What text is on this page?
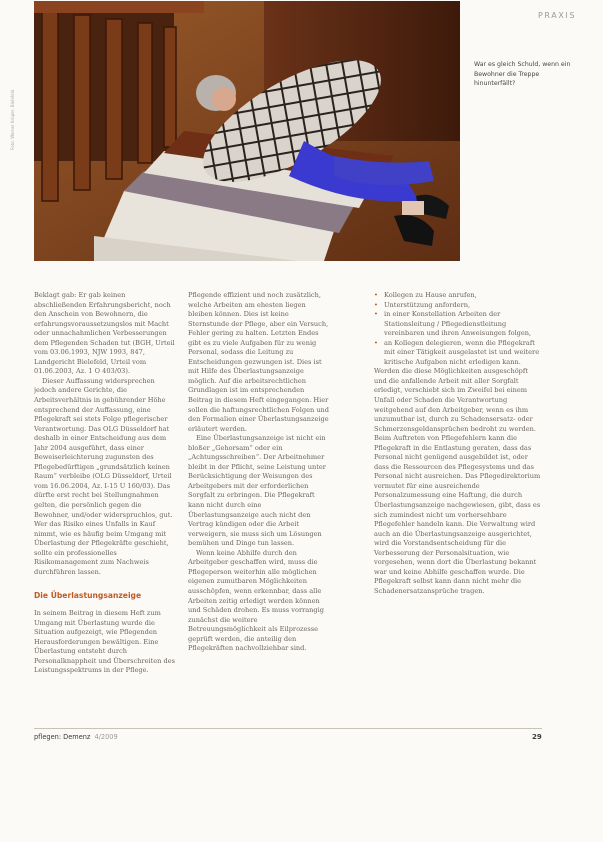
PRAXIS
Foto: Werner Krüper, Bielefeld
War es gleich Schuld, wenn ein Bewohner die Treppe hinunterfällt?

Beklagt gab: Er gab keinen abschließenden Erfahrungsbericht, noch den Anschein von Bewohnern, die erfahrungsvoraussetzungslos mit Macht oder unnachahmlichen Verbesserungen dem Pflegenden Schaden tut (BGH, Urteil vom 03.06.1993, NJW 1993, 847, Landgericht Bielefeld, Urteil vom 01.06.2003, Az. 1 O 403/03).

Dieser Auffassung widersprechen jedoch andere Gerichte, die Arbeitsverhältnis in gebührender Höhe entsprechend der Auffassung, eine Pflegekraft sei stets Folge pflegerischer Verantwortung. Das OLG Düsseldorf hat deshalb in einer Entscheidung aus dem Jahr 2004 ausgeführt, dass einer Beweiserleichterung zugunsten des Pflegebedürftigen „grundsätzlich keinen Raum“ verbleibe (OLG Düsseldorf, Urteil vom 16.06.2004, Az. I-15 U 160/03). Das dürfte erst recht bei Stellungnahmen gelten, die persönlich gegen die Bewohner, und/oder widerspruchlos, gut. Wer das Risiko eines Unfalls in Kauf nimmt, wie es häufig beim Umgang mit Überlastung der Pflegekräfte geschieht, sollte ein professionelles Risikomanagement zum Nachweis durchführen lassen.

Die Überlastungsanzeige

In seinem Beitrag in diesem Heft zum Umgang mit Überlastung wurde die Situation aufgezeigt, wie Pflegenden Herausforderungen bewältigen. Eine Überlastung entsteht durch Personalknappheit und Überschreiten des Leistungsspektrums in der Pflege.

Pflegende effizient und noch zusätzlich, welche Arbeiten am ehesten liegen bleiben können. Dies ist keine Sternstunde der Pflege, aber ein Versuch, Fehler gering zu halten. Letzten Endes gibt es zu viele Aufgaben für zu wenig Personal, sodass die Leitung zu Entscheidungen gezwungen ist. Dies ist mit Hilfe des Überlastungsanzeige möglich. Auf die arbeitsrechtlichen Grundlagen ist im entsprechenden Beitrag in diesem Heft eingegangen. Hier sollen die haftungsrechtlichen Folgen und den Formalien einer Überlastungsanzeige erläutert werden.

Eine Überlastungsanzeige ist nicht ein bloßer „Gehorsam“ oder ein „Achtungsschreiben“. Der Arbeitnehmer bleibt in der Pflicht, seine Leistung unter Berücksichtigung der Weisungen des Arbeitgebers mit der erforderlichen Sorgfalt zu erbringen. Die Pflegekraft kann nicht durch eine Überlastungsanzeige auch nicht den Vertrag kündigen oder die Arbeit verweigern, sie muss sich um Lösungen bemühen und Dinge tun lassen.

Wenn keine Abhilfe durch den Arbeitgeber geschaffen wird, muss die Pflegeperson weiterhin alle möglichen eigenen zumutbaren Möglichkeiten ausschöpfen, wenn erkennbar, dass alle Arbeiten zeitig erledigt werden können und Schäden drohen. Es muss vorrangig zunächst die weitere Betreuungsmöglichkeit als Eilprozesse geprüft werden, die anteilig den Pflegekräften nachvollziehbar sind.

• Kollegen zu Hause anrufen,
• Unterstützung anfordern,
• in einer Konstellation Arbeiten der Stationsleitung / Pflegedienstleitung vereinbaren und ihren Anweisungen folgen,
• an Kollegen delegieren, wenn die Pflegekraft mit einer Tätigkeit ausgelastet ist und weitere kritische Aufgaben nicht erledigen kann.

Werden die diese Möglichkeiten ausgeschöpft und die anfallende Arbeit mit aller Sorgfalt erledigt, verschiebt sich im Zweifel bei einem Unfall oder Schaden die Verantwortung weitgehend auf den Arbeitgeber, wenn es ihm unzumutbar ist, durch zu Schadensersatz- oder Schmerzensgeldansprüchen bedroht zu werden. Beim Auftreten von Pflegefehlern kann die Pflegekraft in die Entlastung geraten, dass das Personal nicht genügend ausgebildet ist, oder dass die Ressourcen des Pflegesystems und das Personal nicht ausreichen. Das Pflegedirektorium vermutet für eine ausreichende Personalzumessung eine Haftung, die durch Überlastungsanzeige nachgewiesen, gibt, dass es sich zumindest nicht um vorhersehbare Pflegefehler handeln kann. Die Verwaltung wird auch an die Überlastungsanzeige ausgerichtet, wird die Vorstandsentscheidung für die Verbesserung der Personalsituation, wie vorgesehen, wenn dort die Überlastung bekannt war und keine Abhilfe geschaffen wurde. Die Pflegekraft selbst kann dann nicht mehr die Schadenersatzansprüche tragen.

pflegen: Demenz 4/2009	29
